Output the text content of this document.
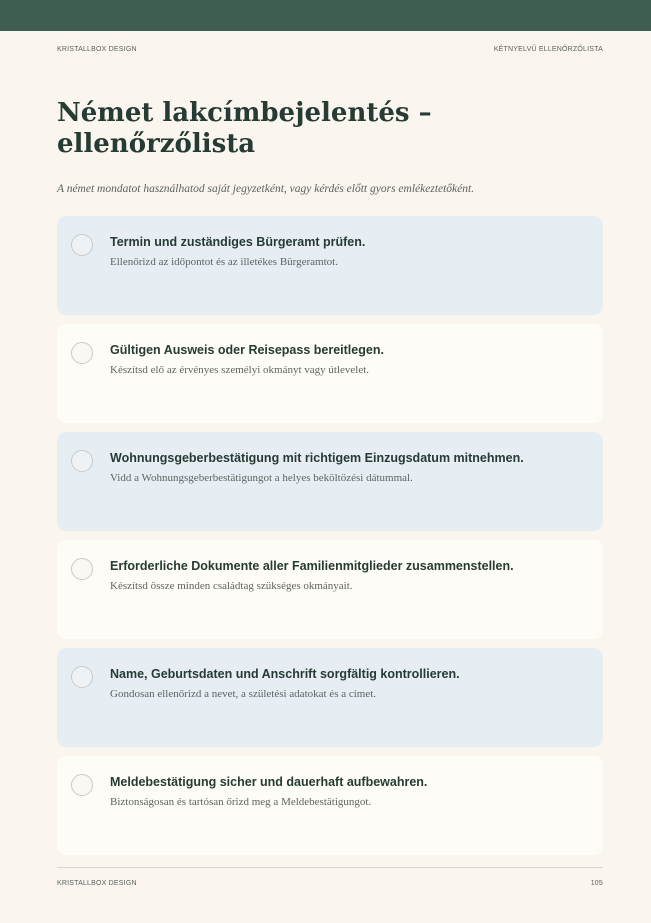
KRISTALLBOX DESIGN	KÉTNYELVŰ ELLENŐRZŐLISTA
Német lakcímbejelentés – ellenőrzőlista

A német mondatot használhatod saját jegyzetként, vagy kérdés előtt gyors emlékeztetőként.

Termin und zuständiges Bürgeramt prüfen.

Ellenőrizd az időpontot és az illetékes Bürgeramtot.

Gültigen Ausweis oder Reisepass bereitlegen.

Készítsd elő az érvényes személyi okmányt vagy útlevelet.

Wohnungsgeberbestätigung mit richtigem Einzugsdatum mitnehmen.

Vidd a Wohnungsgeberbestätigungot a helyes beköltözési dátummal.

Erforderliche Dokumente aller Familienmitglieder zusammenstellen.

Készítsd össze minden családtag szükséges okmányait.

Name, Geburtsdaten und Anschrift sorgfältig kontrollieren.

Gondosan ellenőrizd a nevet, a születési adatokat és a címet.

Meldebestätigung sicher und dauerhaft aufbewahren.

Biztonságosan és tartósan őrizd meg a Meldebestätigungot.

KRISTALLBOX DESIGN	105
